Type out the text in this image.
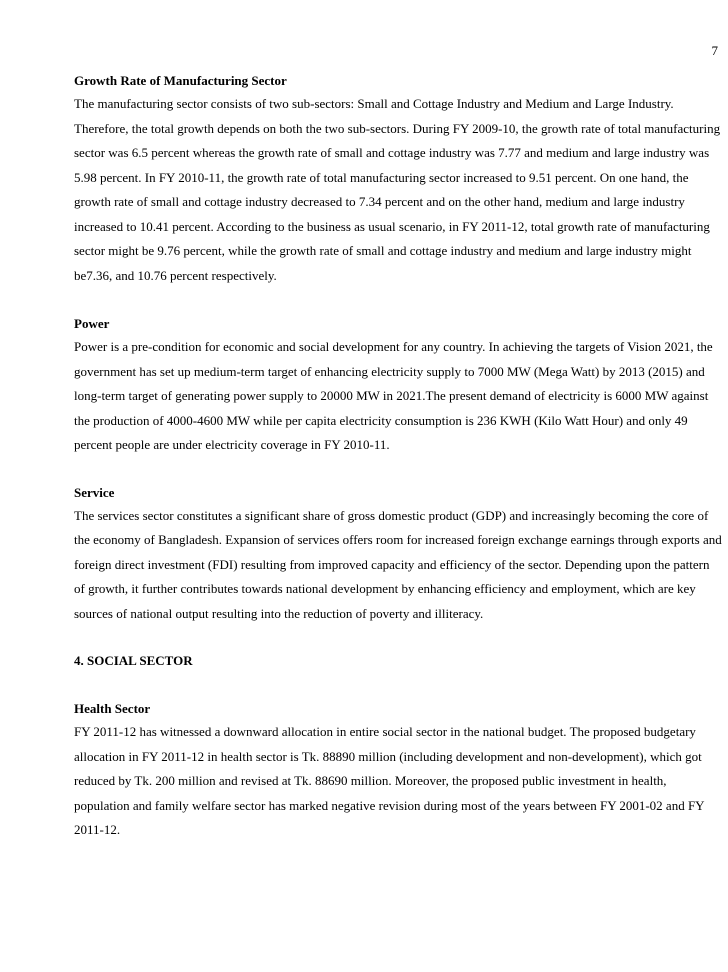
7
Growth Rate of Manufacturing Sector

The manufacturing sector consists of two sub-sectors: Small and Cottage Industry and Medium and Large Industry. Therefore, the total growth depends on both the two sub-sectors. During FY 2009-10, the growth rate of total manufacturing sector was 6.5 percent whereas the growth rate of small and cottage industry was 7.77 and medium and large industry was 5.98 percent. In FY 2010-11, the growth rate of total manufacturing sector increased to 9.51 percent. On one hand, the growth rate of small and cottage industry decreased to 7.34 percent and on the other hand, medium and large industry increased to 10.41 percent. According to the business as usual scenario, in FY 2011-12, total growth rate of manufacturing sector might be 9.76 percent, while the growth rate of small and cottage industry and medium and large industry might be7.36, and 10.76 percent respectively.

Power

Power is a pre-condition for economic and social development for any country. In achieving the targets of Vision 2021, the government has set up medium-term target of enhancing electricity supply to 7000 MW (Mega Watt) by 2013 (2015) and long-term target of generating power supply to 20000 MW in 2021.The present demand of electricity is 6000 MW against the production of 4000-4600 MW while per capita electricity consumption is 236 KWH (Kilo Watt Hour) and only 49 percent people are under electricity coverage in FY 2010-11.

Service

The services sector constitutes a significant share of gross domestic product (GDP) and increasingly becoming the core of the economy of Bangladesh. Expansion of services offers room for increased foreign exchange earnings through exports and foreign direct investment (FDI) resulting from improved capacity and efficiency of the sector. Depending upon the pattern of growth, it further contributes towards national development by enhancing efficiency and employment, which are key sources of national output resulting into the reduction of poverty and illiteracy.

4. SOCIAL SECTOR
Health Sector

FY 2011-12 has witnessed a downward allocation in entire social sector in the national budget. The proposed budgetary allocation in FY 2011-12 in health sector is Tk. 88890 million (including development and non-development), which got reduced by Tk. 200 million and revised at Tk. 88690 million. Moreover, the proposed public investment in health, population and family welfare sector has marked negative revision during most of the years between FY 2001-02 and FY 2011-12.
